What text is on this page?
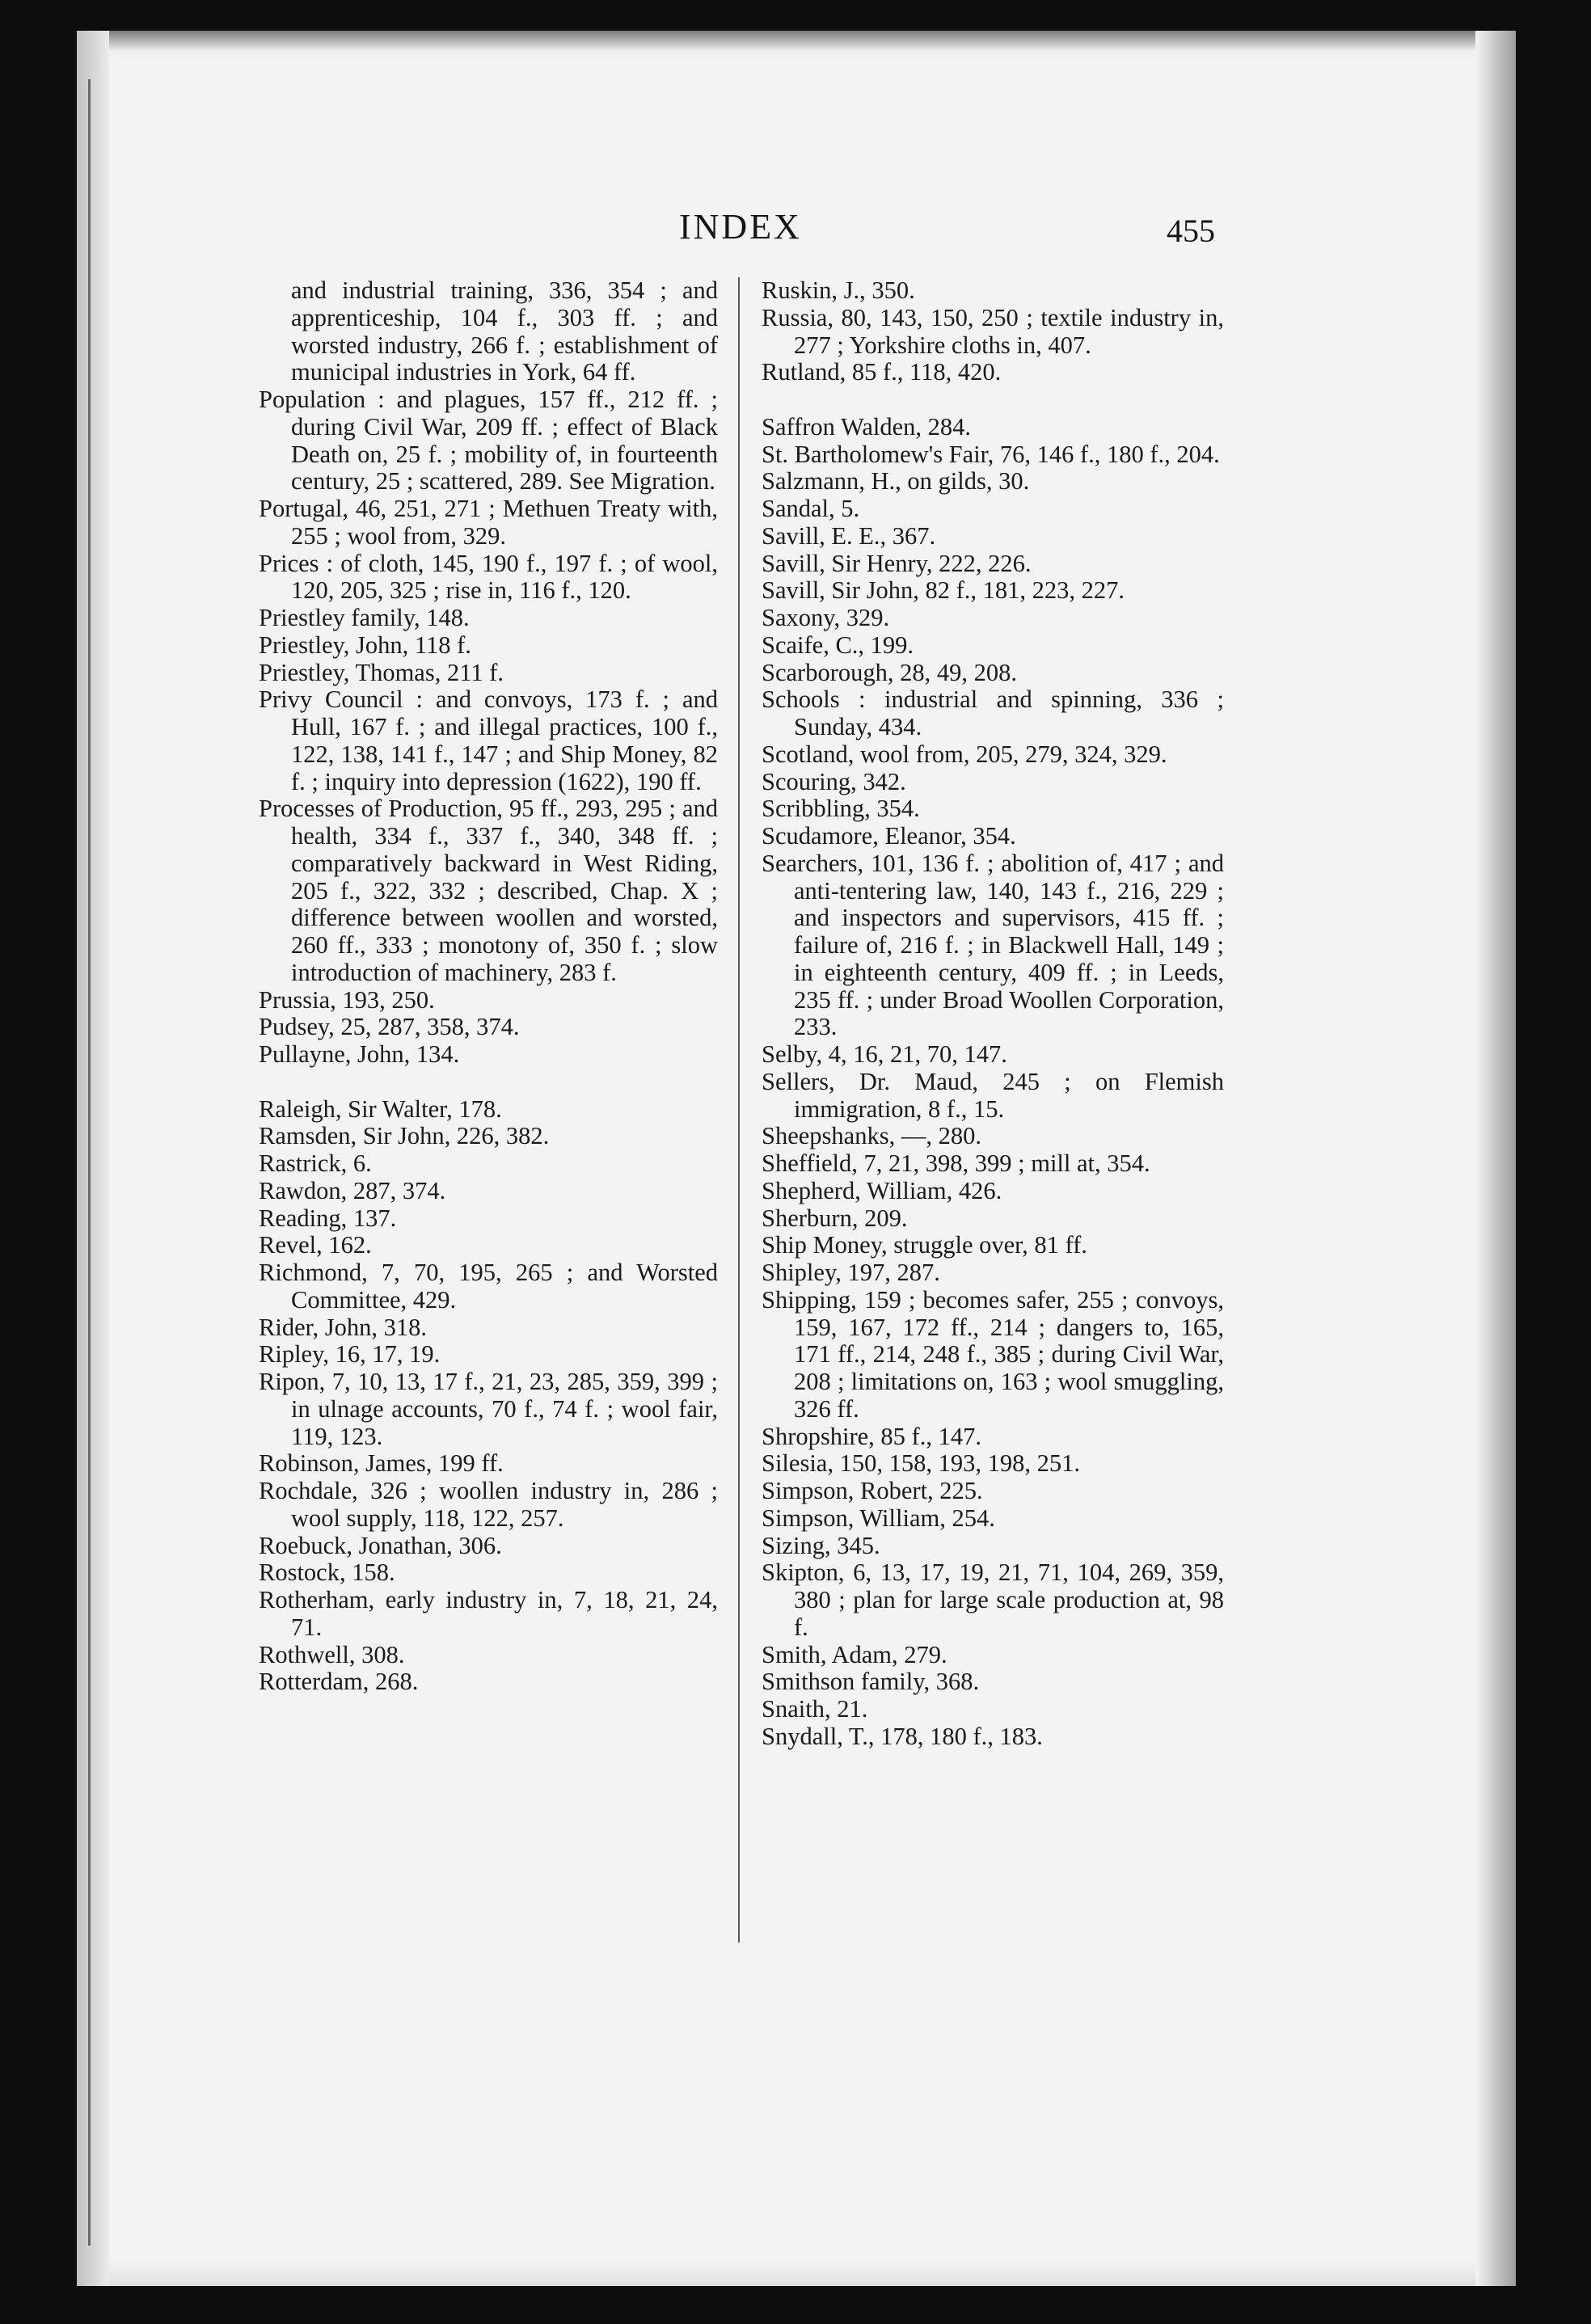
INDEX	455
and industrial training, 336, 354 ; and apprenticeship, 104 f., 303 ff. ; and worsted industry, 266 f. ; establishment of municipal industries in York, 64 ff.
Population : and plagues, 157 ff., 212 ff. ; during Civil War, 209 ff. ; effect of Black Death on, 25 f. ; mobility of, in fourteenth century, 25 ; scattered, 289. See Migration.
Portugal, 46, 251, 271 ; Methuen Treaty with, 255 ; wool from, 329.
Prices : of cloth, 145, 190 f., 197 f. ; of wool, 120, 205, 325 ; rise in, 116 f., 120.
Priestley family, 148.
Priestley, John, 118 f.
Priestley, Thomas, 211 f.
Privy Council : and convoys, 173 f. ; and Hull, 167 f. ; and illegal practices, 100 f., 122, 138, 141 f., 147 ; and Ship Money, 82 f. ; inquiry into depression (1622), 190 ff.
Processes of Production, 95 ff., 293, 295 ; and health, 334 f., 337 f., 340, 348 ff. ; comparatively backward in West Riding, 205 f., 322, 332 ; described, Chap. X ; difference between woollen and worsted, 260 ff., 333 ; monotony of, 350 f. ; slow introduction of machinery, 283 f.
Prussia, 193, 250.
Pudsey, 25, 287, 358, 374.
Pullayne, John, 134.
Raleigh, Sir Walter, 178.
Ramsden, Sir John, 226, 382.
Rastrick, 6.
Rawdon, 287, 374.
Reading, 137.
Revel, 162.
Richmond, 7, 70, 195, 265 ; and Worsted Committee, 429.
Rider, John, 318.
Ripley, 16, 17, 19.
Ripon, 7, 10, 13, 17 f., 21, 23, 285, 359, 399 ; in ulnage accounts, 70 f., 74 f. ; wool fair, 119, 123.
Robinson, James, 199 ff.
Rochdale, 326 ; woollen industry in, 286 ; wool supply, 118, 122, 257.
Roebuck, Jonathan, 306.
Rostock, 158.
Rotherham, early industry in, 7, 18, 21, 24, 71.
Rothwell, 308.
Rotterdam, 268.
Ruskin, J., 350.
Russia, 80, 143, 150, 250 ; textile industry in, 277 ; Yorkshire cloths in, 407.
Rutland, 85 f., 118, 420.
Saffron Walden, 284.
St. Bartholomew's Fair, 76, 146 f., 180 f., 204.
Salzmann, H., on gilds, 30.
Sandal, 5.
Savill, E. E., 367.
Savill, Sir Henry, 222, 226.
Savill, Sir John, 82 f., 181, 223, 227.
Saxony, 329.
Scaife, C., 199.
Scarborough, 28, 49, 208.
Schools : industrial and spinning, 336 ; Sunday, 434.
Scotland, wool from, 205, 279, 324, 329.
Scouring, 342.
Scribbling, 354.
Scudamore, Eleanor, 354.
Searchers, 101, 136 f. ; abolition of, 417 ; and anti-tentering law, 140, 143 f., 216, 229 ; and inspectors and supervisors, 415 ff. ; failure of, 216 f. ; in Blackwell Hall, 149 ; in eighteenth century, 409 ff. ; in Leeds, 235 ff. ; under Broad Woollen Corporation, 233.
Selby, 4, 16, 21, 70, 147.
Sellers, Dr. Maud, 245 ; on Flemish immigration, 8 f., 15.
Sheepshanks, —, 280.
Sheffield, 7, 21, 398, 399 ; mill at, 354.
Shepherd, William, 426.
Sherburn, 209.
Ship Money, struggle over, 81 ff.
Shipley, 197, 287.
Shipping, 159 ; becomes safer, 255 ; convoys, 159, 167, 172 ff., 214 ; dangers to, 165, 171 ff., 214, 248 f., 385 ; during Civil War, 208 ; limitations on, 163 ; wool smuggling, 326 ff.
Shropshire, 85 f., 147.
Silesia, 150, 158, 193, 198, 251.
Simpson, Robert, 225.
Simpson, William, 254.
Sizing, 345.
Skipton, 6, 13, 17, 19, 21, 71, 104, 269, 359, 380 ; plan for large scale production at, 98 f.
Smith, Adam, 279.
Smithson family, 368.
Snaith, 21.
Snydall, T., 178, 180 f., 183.
